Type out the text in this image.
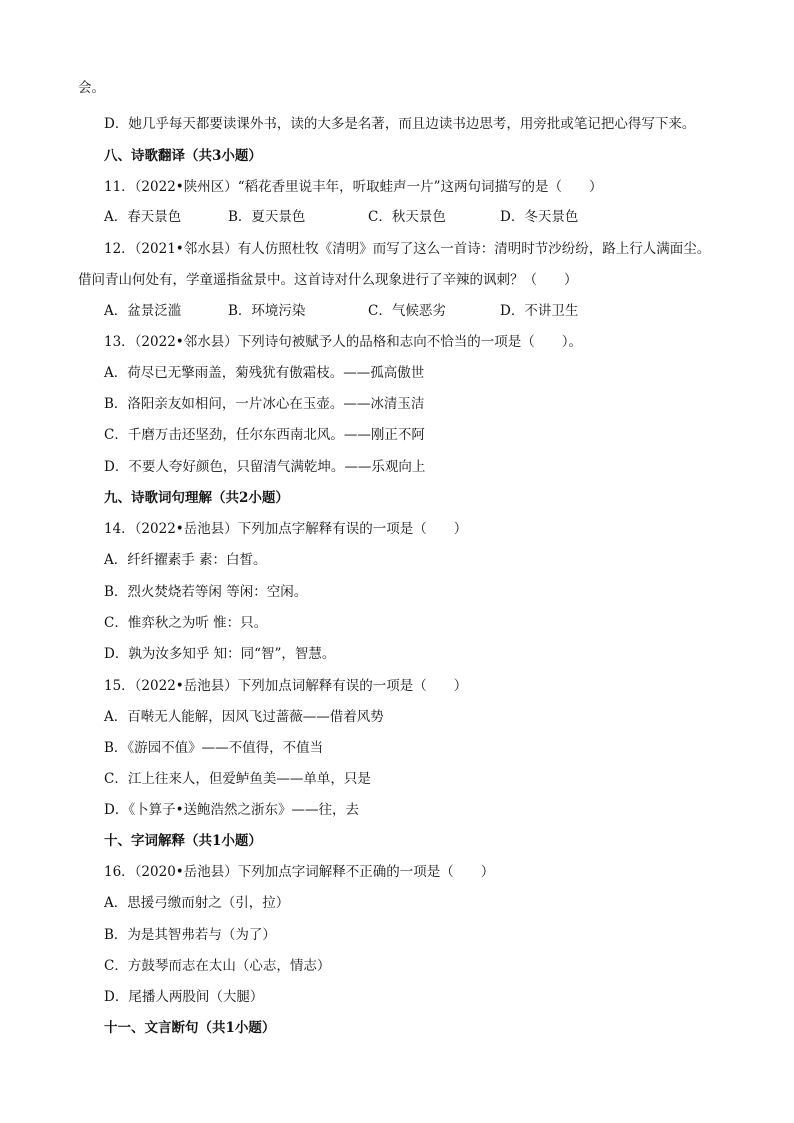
会。
D．她几乎每天都要读课外书，读的大多是名著，而且边读书边思考，用旁批或笔记把心得写下来。
八、诗歌翻译（共3小题）
11．（2022•陕州区）“稻花香里说丰年，听取蛙声一片”这两句词描写的是（　　）
A．春天景色	B．夏天景色	C．秋天景色	D．冬天景色
12．（2021•邻水县）有人仿照杜牧《清明》而写了这么一首诗：清明时节沙纷纷，路上行人满面尘。
借问青山何处有，学童遥指盆景中。这首诗对什么现象进行了辛辣的讽刺？（　　）
A．盆景泛滥	B．环境污染	C．气候恶劣	D．不讲卫生
13．（2022•邻水县）下列诗句被赋予人的品格和志向不恰当的一项是（　　）。
A．荷尽已无擎雨盖，菊残犹有傲霜枝。——孤高傲世
B．洛阳亲友如相问，一片冰心在玉壶。——冰清玉洁
C．千磨万击还坚劲，任尔东西南北风。——刚正不阿
D．不要人夸好颜色，只留清气满乾坤。——乐观向上
九、诗歌词句理解（共2小题）
14．（2022•岳池县）下列加点字解释有误的一项是（　　）
A．纤纤擢素手 素：白皙。
B．烈火焚烧若等闲 等闲：空闲。
C．惟弈秋之为听 惟：只。
D．孰为汝多知乎 知：同“智”，智慧。
15．（2022•岳池县）下列加点词解释有误的一项是（　　）
A．百啭无人能解，因风飞过蔷薇——借着风势
B．《游园不值》——不值得，不值当
C．江上往来人，但爱鲈鱼美——单单，只是
D．《卜算子•送鲍浩然之浙东》——往，去
十、字词解释（共1小题）
16．（2020•岳池县）下列加点字词解释不正确的一项是（　　）
A．思援弓缴而射之（引，拉）
B．为是其智弗若与（为了）
C．方鼓琴而志在太山（心志，情志）
D．尾播人两股间（大腿）
十一、文言断句（共1小题）
